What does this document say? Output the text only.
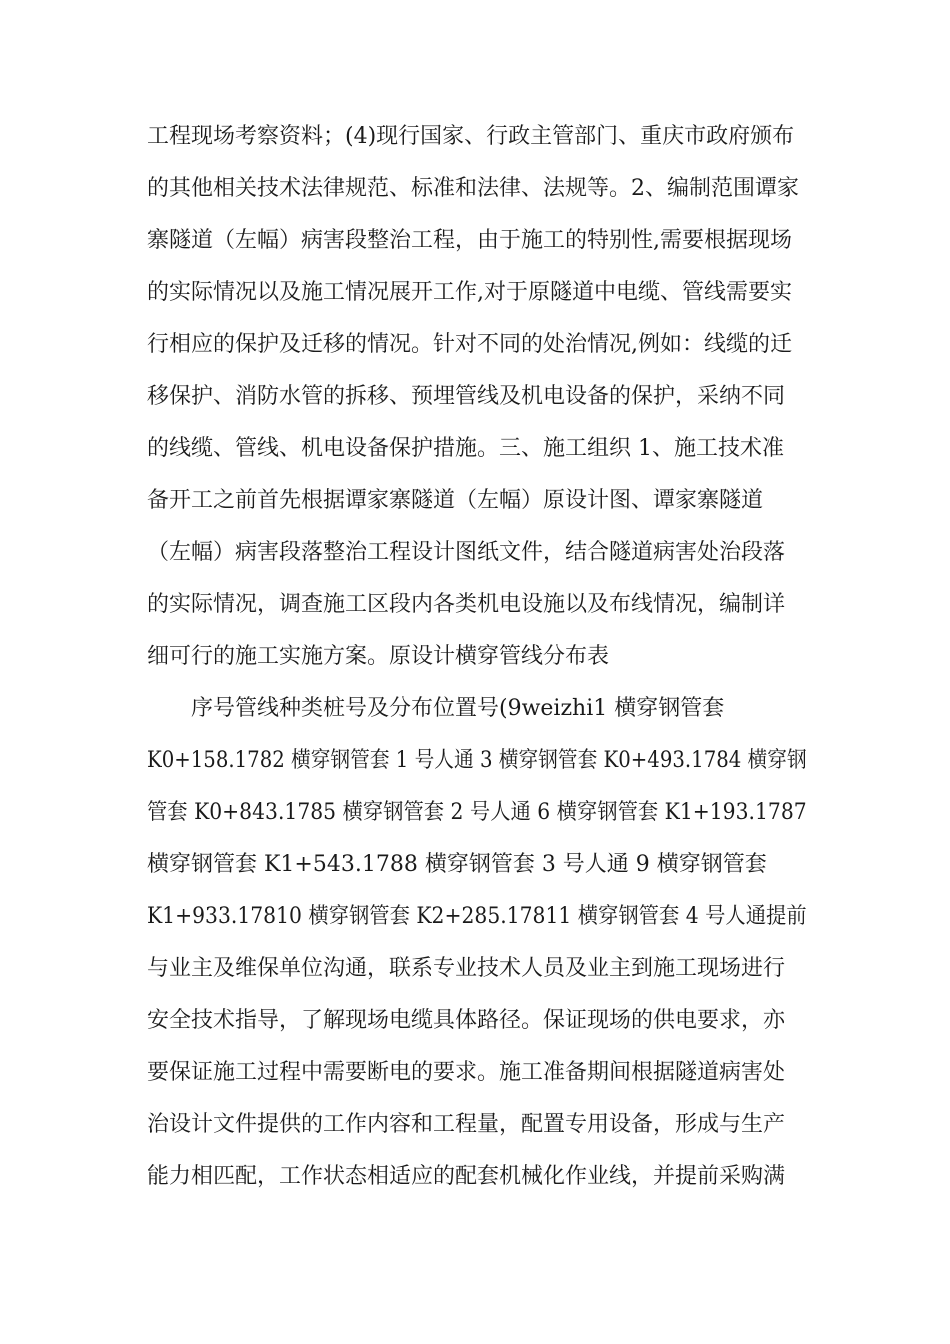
工程现场考察资料；(4)现行国家、行政主管部门、重庆市政府颁布
的其他相关技术法律规范、标准和法律、法规等。2、编制范围谭家
寨隧道（左幅）病害段整治工程，由于施工的特别性,需要根据现场
的实际情况以及施工情况展开工作,对于原隧道中电缆、管线需要实
行相应的保护及迁移的情况。针对不同的处治情况,例如：线缆的迁
移保护、消防水管的拆移、预埋管线及机电设备的保护，采纳不同
的线缆、管线、机电设备保护措施。三、施工组织 1、施工技术准
备开工之前首先根据谭家寨隧道（左幅）原设计图、谭家寨隧道
（左幅）病害段落整治工程设计图纸文件，结合隧道病害处治段落
的实际情况，调查施工区段内各类机电设施以及布线情况，编制详
细可行的施工实施方案。原设计横穿管线分布表
序号管线种类桩号及分布位置号(9weizhi1 横穿钢管套
K0+158.1782 横穿钢管套 1 号人通 3 横穿钢管套 K0+493.1784 横穿钢
管套 K0+843.1785 横穿钢管套 2 号人通 6 横穿钢管套 K1+193.1787
横穿钢管套 K1+543.1788 横穿钢管套 3 号人通 9 横穿钢管套
K1+933.17810 横穿钢管套 K2+285.17811 横穿钢管套 4 号人通提前
与业主及维保单位沟通，联系专业技术人员及业主到施工现场进行
安全技术指导，了解现场电缆具体路径。保证现场的供电要求，亦
要保证施工过程中需要断电的要求。施工准备期间根据隧道病害处
治设计文件提供的工作内容和工程量，配置专用设备，形成与生产
能力相匹配，工作状态相适应的配套机械化作业线，并提前采购满
